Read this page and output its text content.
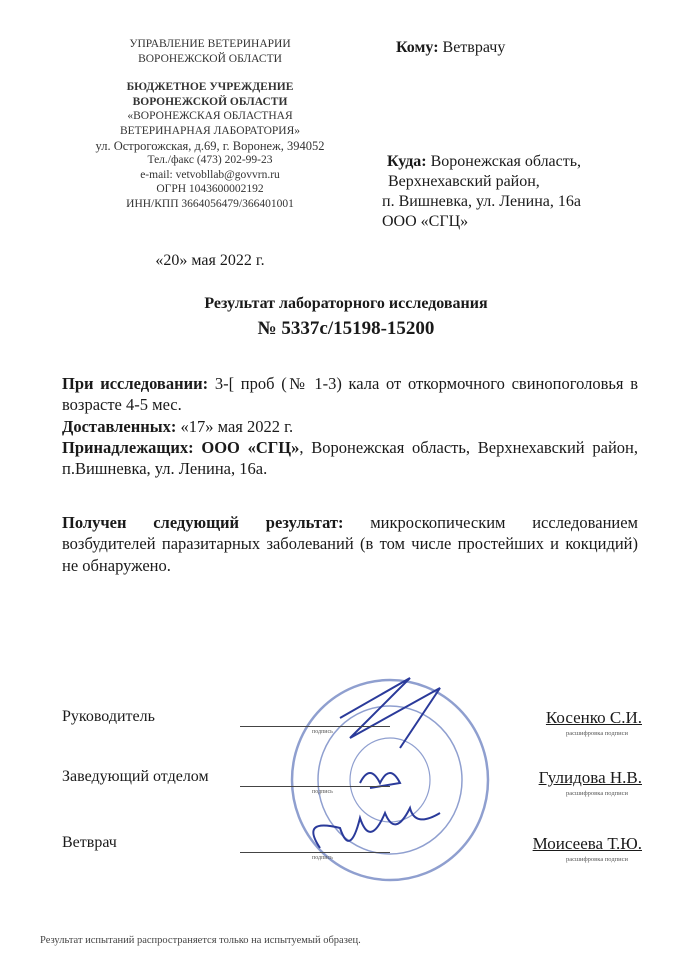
УПРАВЛЕНИЕ ВЕТЕРИНАРИИ
ВОРОНЕЖСКОЙ ОБЛАСТИ
БЮДЖЕТНОЕ УЧРЕЖДЕНИЕ
ВОРОНЕЖСКОЙ ОБЛАСТИ
«ВОРОНЕЖСКАЯ ОБЛАСТНАЯ
ВЕТЕРИНАРНАЯ ЛАБОРАТОРИЯ»
ул. Острогожская, д.69, г. Воронеж, 394052
Тел./факс (473) 202-99-23
e-mail: vetvobllab@govvrn.ru
ОГРН 1043600002192
ИНН/КПП 3664056479/366401001
«20» мая 2022 г.
Кому: Ветврачу
Куда: Воронежская область,
Верхнехавский район,
п. Вишневка, ул. Ленина, 16а
ООО «СГЦ»
Результат лабораторного исследования
№ 5337с/15198-15200
При исследовании: 3-[ проб (№ 1-3) кала от откормочного свинопоголовья в возрасте 4-5 мес.
Доставленных: «17» мая 2022 г.
Принадлежащих: ООО «СГЦ», Воронежская область, Верхнехавский район, п.Вишневка, ул. Ленина, 16а.
Получен следующий результат: микроскопическим исследованием возбудителей паразитарных заболеваний (в том числе простейших и кокцидий) не обнаружено.
Руководитель
подпись
Косенко С.И.
расшифровка подписи
Заведующий отделом
подпись
Гулидова Н.В.
расшифровка подписи
Ветврач
подпись
Моисеева Т.Ю.
расшифровка подписи
Результат испытаний распространяется только на испытуемый образец.
